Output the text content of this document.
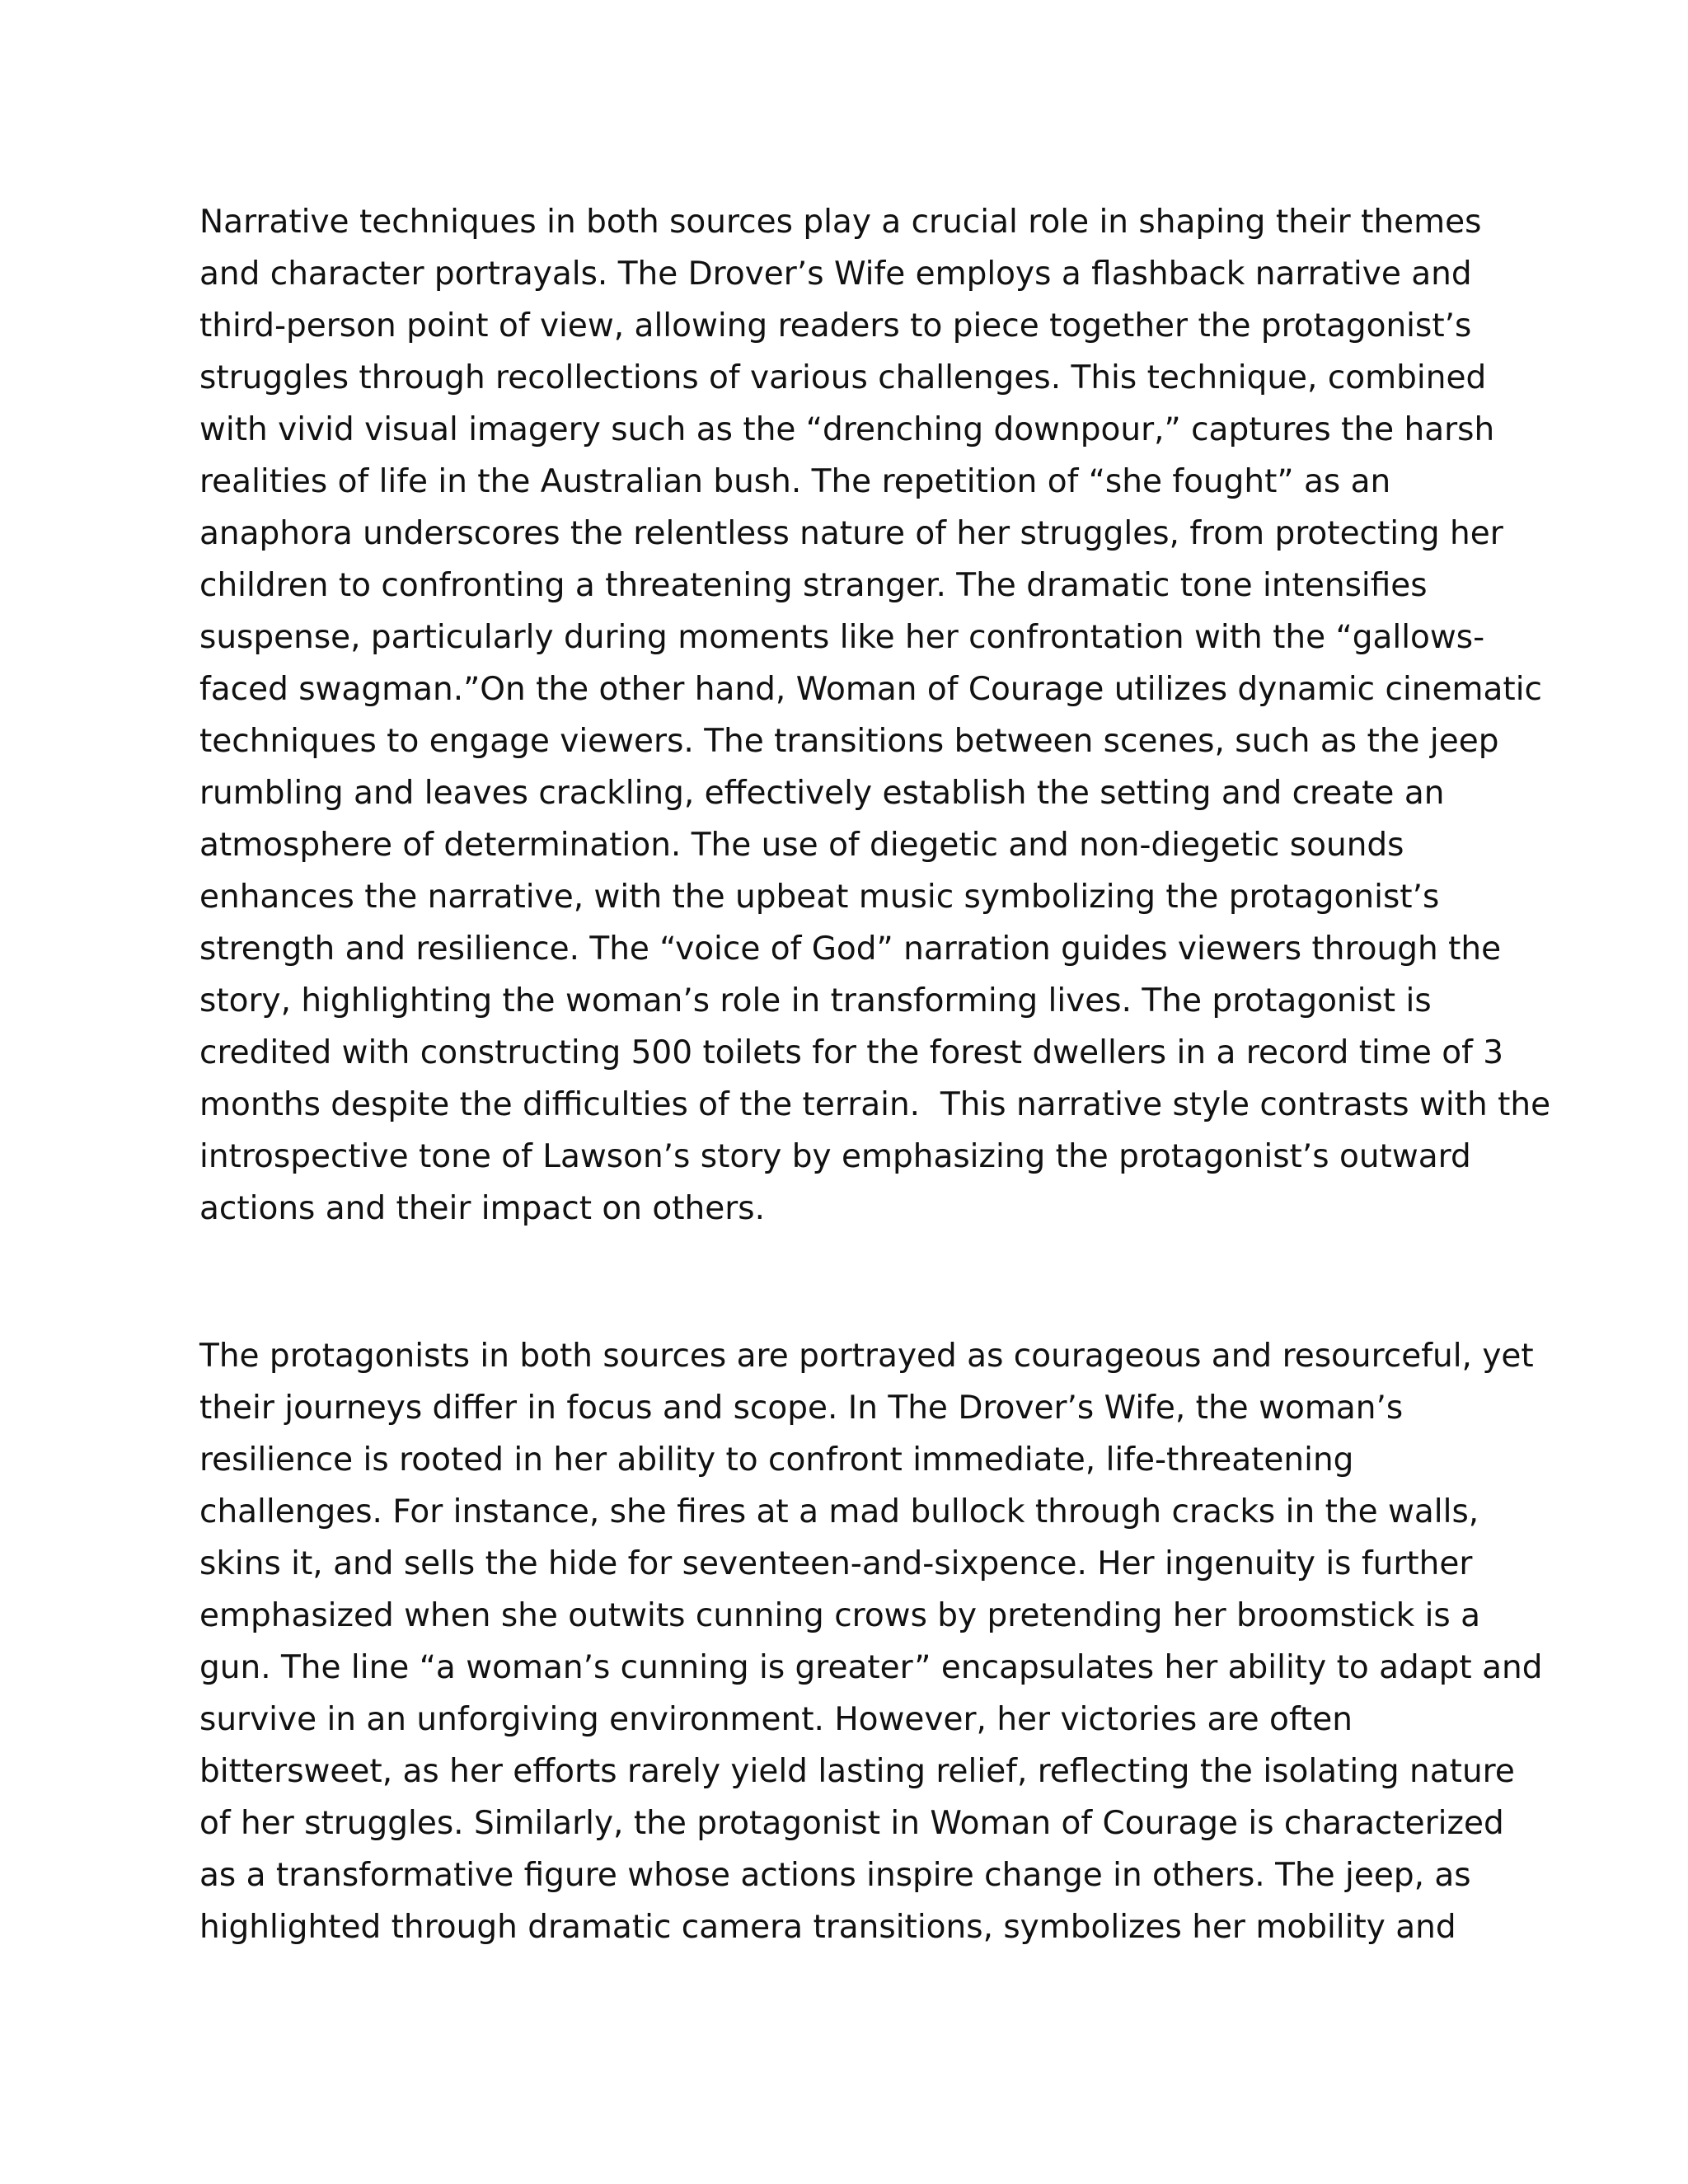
Narrative techniques in both sources play a crucial role in shaping their themes
and character portrayals. The Drover’s Wife employs a flashback narrative and
third-person point of view, allowing readers to piece together the protagonist’s
struggles through recollections of various challenges. This technique, combined
with vivid visual imagery such as the “drenching downpour,” captures the harsh
realities of life in the Australian bush. The repetition of “she fought” as an
anaphora underscores the relentless nature of her struggles, from protecting her
children to confronting a threatening stranger. The dramatic tone intensifies
suspense, particularly during moments like her confrontation with the “gallows-
faced swagman.”On the other hand, Woman of Courage utilizes dynamic cinematic
techniques to engage viewers. The transitions between scenes, such as the jeep
rumbling and leaves crackling, effectively establish the setting and create an
atmosphere of determination. The use of diegetic and non-diegetic sounds
enhances the narrative, with the upbeat music symbolizing the protagonist’s
strength and resilience. The “voice of God” narration guides viewers through the
story, highlighting the woman’s role in transforming lives. The protagonist is
credited with constructing 500 toilets for the forest dwellers in a record time of 3
months despite the difficulties of the terrain.  This narrative style contrasts with the
introspective tone of Lawson’s story by emphasizing the protagonist’s outward
actions and their impact on others.
The protagonists in both sources are portrayed as courageous and resourceful, yet
their journeys differ in focus and scope. In The Drover’s Wife, the woman’s
resilience is rooted in her ability to confront immediate, life-threatening
challenges. For instance, she fires at a mad bullock through cracks in the walls,
skins it, and sells the hide for seventeen-and-sixpence. Her ingenuity is further
emphasized when she outwits cunning crows by pretending her broomstick is a
gun. The line “a woman’s cunning is greater” encapsulates her ability to adapt and
survive in an unforgiving environment. However, her victories are often
bittersweet, as her efforts rarely yield lasting relief, reflecting the isolating nature
of her struggles. Similarly, the protagonist in Woman of Courage is characterized
as a transformative figure whose actions inspire change in others. The jeep, as
highlighted through dramatic camera transitions, symbolizes her mobility and
